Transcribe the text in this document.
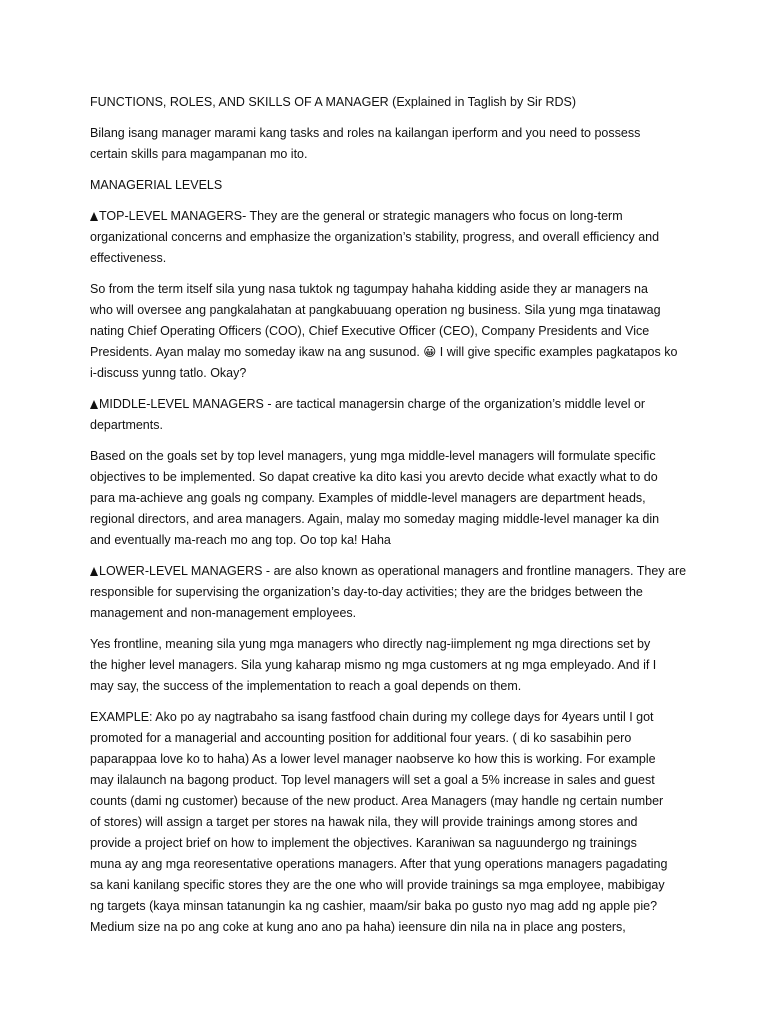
FUNCTIONS, ROLES, AND SKILLS OF A MANAGER (Explained in Taglish by Sir RDS)

Bilang isang manager marami kang tasks and roles na kailangan iperform and you need to possess
certain skills para magampanan mo ito.

MANAGERIAL LEVELS

TOP-LEVEL MANAGERS- They are the general or strategic managers who focus on long-term
organizational concerns and emphasize the organization’s stability, progress, and overall efficiency and
effectiveness.

So from the term itself sila yung nasa tuktok ng tagumpay hahaha kidding aside they ar managers na
who will oversee ang pangkalahatan at pangkabuuang operation ng business. Sila yung mga tinatawag
nating Chief Operating Officers (COO), Chief Executive Officer (CEO), Company Presidents and Vice
Presidents. Ayan malay mo someday ikaw na ang susunod. 😀 I will give specific examples pagkatapos ko
i-discuss yunng tatlo. Okay?

MIDDLE-LEVEL MANAGERS - are tactical managersin charge of the organization’s middle level or
departments.

Based on the goals set by top level managers, yung mga middle-level managers will formulate specific
objectives to be implemented. So dapat creative ka dito kasi you arevto decide what exactly what to do
para ma-achieve ang goals ng company. Examples of middle-level managers are department heads,
regional directors, and area managers. Again, malay mo someday maging middle-level manager ka din
and eventually ma-reach mo ang top. Oo top ka! Haha

LOWER-LEVEL MANAGERS - are also known as operational managers and frontline managers. They are
responsible for supervising the organization’s day-to-day activities; they are the bridges between the
management and non-management employees.

Yes frontline, meaning sila yung mga managers who directly nag-iimplement ng mga directions set by
the higher level managers. Sila yung kaharap mismo ng mga customers at ng mga empleyado. And if I
may say, the success of the implementation to reach a goal depends on them.

EXAMPLE: Ako po ay nagtrabaho sa isang fastfood chain during my college days for 4years until I got
promoted for a managerial and accounting position for additional four years. ( di ko sasabihin pero
paparappaa love ko to haha) As a lower level manager naobserve ko how this is working. For example
may ilalaunch na bagong product. Top level managers will set a goal a 5% increase in sales and guest
counts (dami ng customer) because of the new product. Area Managers (may handle ng certain number
of stores) will assign a target per stores na hawak nila, they will provide trainings among stores and
provide a project brief on how to implement the objectives. Karaniwan sa naguundergo ng trainings
muna ay ang mga reoresentative operations managers. After that yung operations managers pagadating
sa kani kanilang specific stores they are the one who will provide trainings sa mga employee, mabibigay
ng targets (kaya minsan tatanungin ka ng cashier, maam/sir baka po gusto nyo mag add ng apple pie?
Medium size na po ang coke at kung ano ano pa haha) ieensure din nila na in place ang posters,
